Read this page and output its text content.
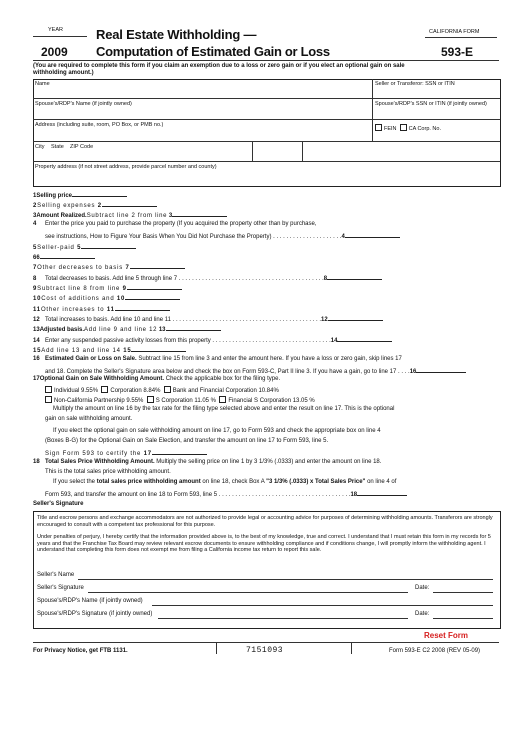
YEAR
2009
Real Estate Withholding —
Computation of Estimated Gain or Loss
CALIFORNIA FORM
593-E
(You are required to complete this form if you claim an exemption due to a loss or zero gain or if you elect an optional gain on sale
withholding amount.)
Name	Seller or Transferor: SSN or ITIN
Spouse's/RDP's Name (if jointly owned)	Spouse's/RDP's SSN or ITIN (if jointly owned)
Address (including suite, room, PO Box, or PMB no.)
FEIN CA Corp. No.
City State ZIP Code
Property address (if not street address, provide parcel number and county)
1Selling price
2Selling expenses 2
3Amount Realized.Subtract line 2 from line 3
4 Enter the price you paid to purchase the property (If you acquired the property other than by purchase,
see instructions, How to Figure Your Basis When You Did Not Purchase the Property) . . . . . . . . . . . . . . . . . . . . .4
5Seller-paid 5
66
7Other decreases to basis 7
8 Total decreases to basis. Add line 5 through line 7 . . . . . . . . . . . . . . . . . . . . . . . . . . . . . . . . . . . . . . . . . . . .8
9Subtract line 8 from line 9
10Cost of additions and 10
11Other increases to 11
12 Total increases to basis. Add line 10 and line 11 . . . . . . . . . . . . . . . . . . . . . . . . . . . . . . . . . . . . . . . . . . . . .12
13Adjusted basis.Add line 9 and line 12 13
14 Enter any suspended passive activity losses from this property . . . . . . . . . . . . . . . . . . . . . . . . . . . . . . . . . . . .14
15Add line 13 and line 14 15
16 Estimated Gain or Loss on Sale. Subtract line 15 from line 3 and enter the amount here. If you have a loss or zero gain, skip lines 17
and 18. Complete the Seller's Signature area below and check the box on Form 593-C, Part II line 3. If you have a gain, go to line 17 . . . .16
17Optional Gain on Sale Withholding Amount. Check the applicable box for the filing type.
Individual 9.55% Corporation 8.84% Bank and Financial Corporation 10.84%
Non-California Partnership 9.55% S Corporation 11.05 % Financial S Corporation 13.05 %
Multiply the amount on line 16 by the tax rate for the filing type selected above and enter the result on line 17. This is the optional
gain on sale withholding amount.
If you elect the optional gain on sale withholding amount on line 17, go to Form 593 and check the appropriate box on line 4
(Boxes B-G) for the Optional Gain on Sale Election, and transfer the amount on line 17 to Form 593, line 5.
Sign Form 593 to certify the 17
18 Total Sales Price Withholding Amount. Multiply the selling price on line 1 by 3 1/3% (.0333) and enter the amount on line 18.
This is the total sales price withholding amount.
If you select the total sales price withholding amount on line 18, check Box A "3 1/3% (.0333) x Total Sales Price" on line 4 of
Form 593, and transfer the amount on line 18 to Form 593, line 5 . . . . . . . . . . . . . . . . . . . . . . . . . . . . . . . . . . . . . . . .18
Seller's Signature
Title and escrow persons and exchange accommodators are not authorized to provide legal or accounting advice for purposes of determining withholding amounts. Transferors are strongly encouraged to consult with a competent tax professional for this purpose.
Under penalties of perjury, I hereby certify that the information provided above is, to the best of my knowledge, true and correct. I understand that I must retain this form in my records for 5 years and that the Franchise Tax Board may review relevant escrow documents to ensure withholding compliance and if conditions change, I will promptly inform the withholding agent. I understand that completing this form does not exempt me from filing a California income tax return to report this sale.
Seller's Name
Seller's Signature	Date:
Spouse's/RDP's Name (if jointly owned)
Spouse's/RDP's Signature (if jointly owned)	Date:
Reset Form
For Privacy Notice, get FTB 1131.	7151093	Form 593-E C2 2008 (REV 05-09)
